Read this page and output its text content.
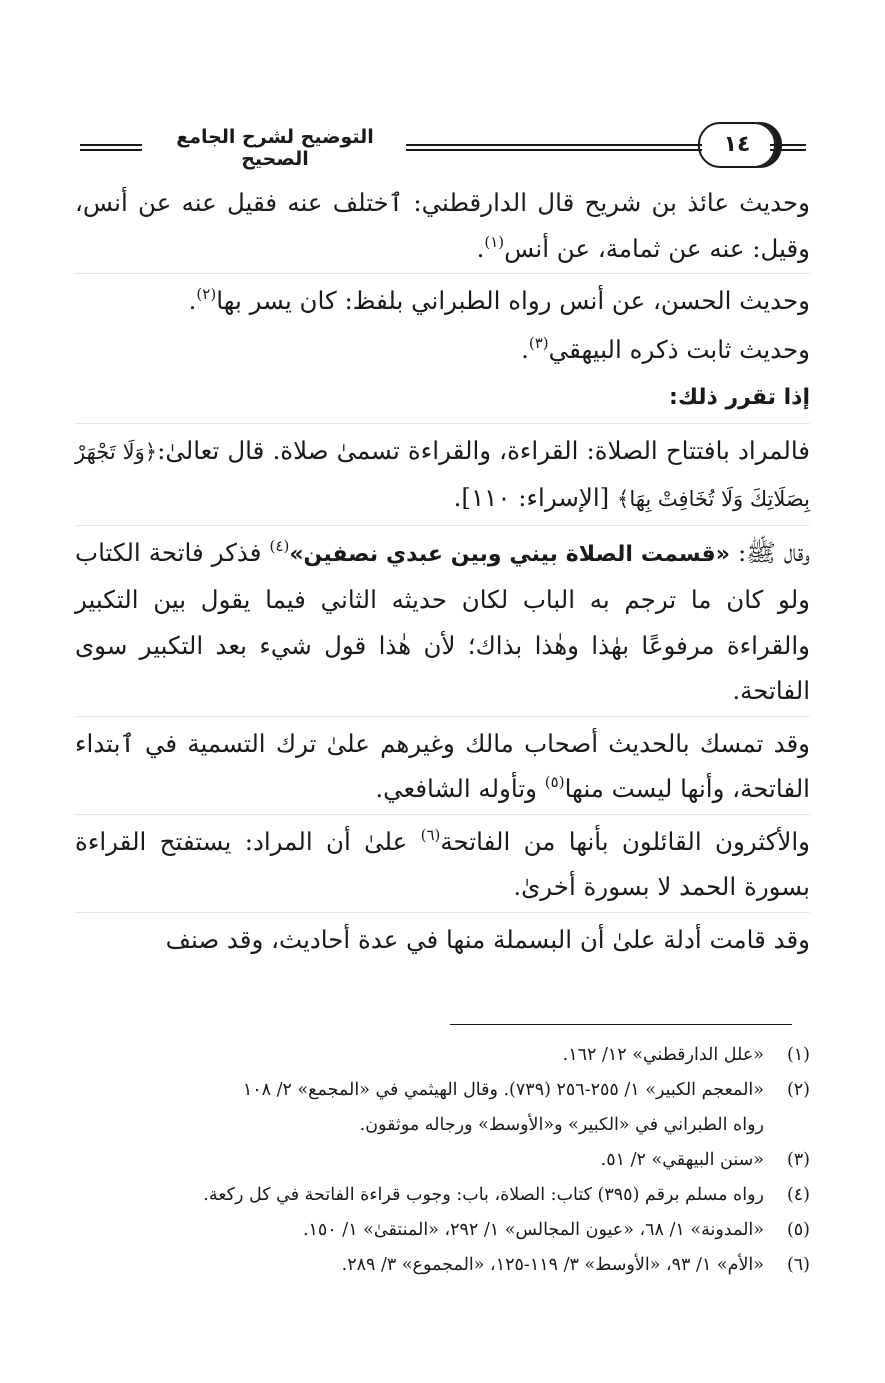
التوضيح لشرح الجامع الصحيح
١٤

وحديث عائذ بن شريح قال الدارقطني: ٱختلف عنه فقيل عنه عن أنس، وقيل: عنه عن ثمامة، عن أنس$^{(١)}$.

وحديث الحسن، عن أنس رواه الطبراني بلفظ: كان يسر بها$^{(٢)}$.

وحديث ثابت ذكره البيهقي$^{(٣)}$.

إذا تقرر ذلك:

فالمراد بافتتاح الصلاة: القراءة، والقراءة تسمىٰ صلاة. قال تعالىٰ:﴿وَلَا تَجْهَرْ بِصَلَاتِكَ وَلَا تُخَافِتْ بِهَا﴾ [الإسراء: ١١٠].

وقال ﷺ: «قسمت الصلاة بيني وبين عبدي نصفين»$^{(٤)}$ فذكر فاتحة الكتاب ولو كان ما ترجم به الباب لكان حديثه الثاني فيما يقول بين التكبير والقراءة مرفوعًا بهٰذا وهٰذا بذاك؛ لأن هٰذا قول شيء بعد التكبير سوى الفاتحة.

وقد تمسك بالحديث أصحاب مالك وغيرهم علىٰ ترك التسمية في ٱبتداء الفاتحة، وأنها ليست منها$^{(٥)}$ وتأوله الشافعي.

والأكثرون القائلون بأنها من الفاتحة$^{(٦)}$ علىٰ أن المراد: يستفتح القراءة بسورة الحمد لا بسورة أخرىٰ.

وقد قامت أدلة علىٰ أن البسملة منها في عدة أحاديث، وقد صنف

(١)
«علل الدارقطني» ١٢/ ١٦٢.

(٢)
«المعجم الكبير» ١/ ٢٥٥-٢٥٦ (٧٣٩). وقال الهيثمي في «المجمع» ٢/ ١٠٨

رواه الطبراني في «الكبير» و«الأوسط» ورجاله موثقون.

(٣)
«سنن البيهقي» ٢/ ٥١.

(٤)
رواه مسلم برقم (٣٩٥) كتاب: الصلاة، باب: وجوب قراءة الفاتحة في كل ركعة.

(٥)
«المدونة» ١/ ٦٨، «عيون المجالس» ١/ ٢٩٢، «المنتقىٰ» ١/ ١٥٠.

(٦)
«الأم» ١/ ٩٣، «الأوسط» ٣/ ١١٩-١٢٥، «المجموع» ٣/ ٢٨٩.
